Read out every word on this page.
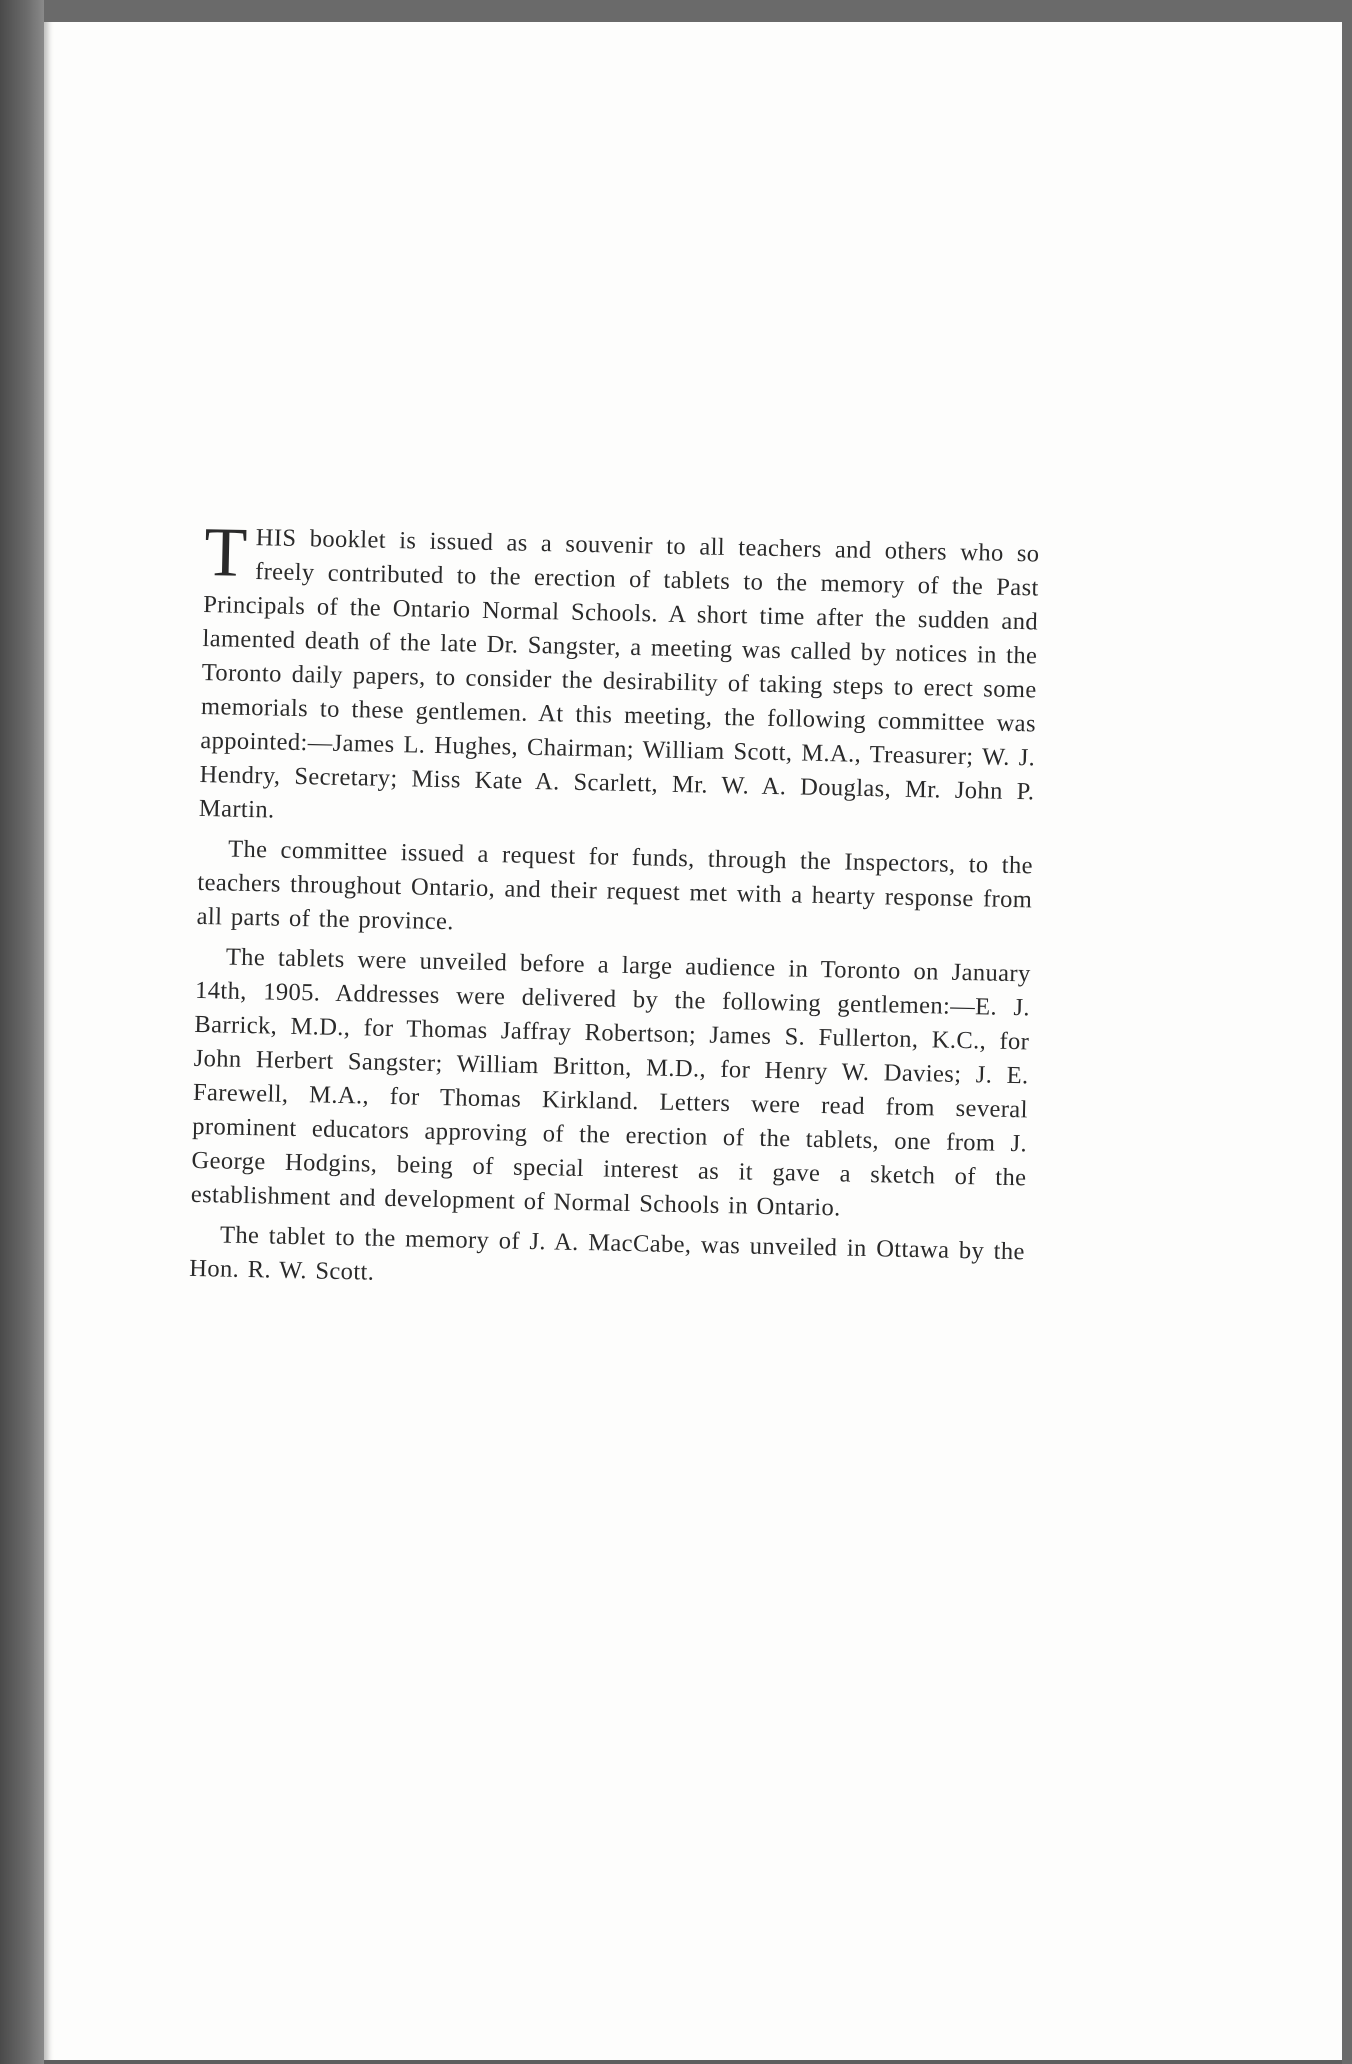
THIS booklet is issued as a souvenir to all teachers and others who so freely contributed to the erection of tablets to the memory of the Past Principals of the Ontario Normal Schools. A short time after the sudden and lamented death of the late Dr. Sangster, a meeting was called by notices in the Toronto daily papers, to consider the desirability of taking steps to erect some memorials to these gentlemen. At this meeting, the following committee was appointed:—James L. Hughes, Chairman; William Scott, M.A., Treasurer; W. J. Hendry, Secretary; Miss Kate A. Scarlett, Mr. W. A. Douglas, Mr. John P. Martin.

The committee issued a request for funds, through the Inspectors, to the teachers throughout Ontario, and their request met with a hearty response from all parts of the province.

The tablets were unveiled before a large audience in Toronto on January 14th, 1905. Addresses were delivered by the following gentlemen:—E. J. Barrick, M.D., for Thomas Jaffray Robertson; James S. Fullerton, K.C., for John Herbert Sangster; William Britton, M.D., for Henry W. Davies; J. E. Farewell, M.A., for Thomas Kirkland. Letters were read from several prominent educators approving of the erection of the tablets, one from J. George Hodgins, being of special interest as it gave a sketch of the establishment and development of Normal Schools in Ontario.

The tablet to the memory of J. A. MacCabe, was unveiled in Ottawa by the Hon. R. W. Scott.
